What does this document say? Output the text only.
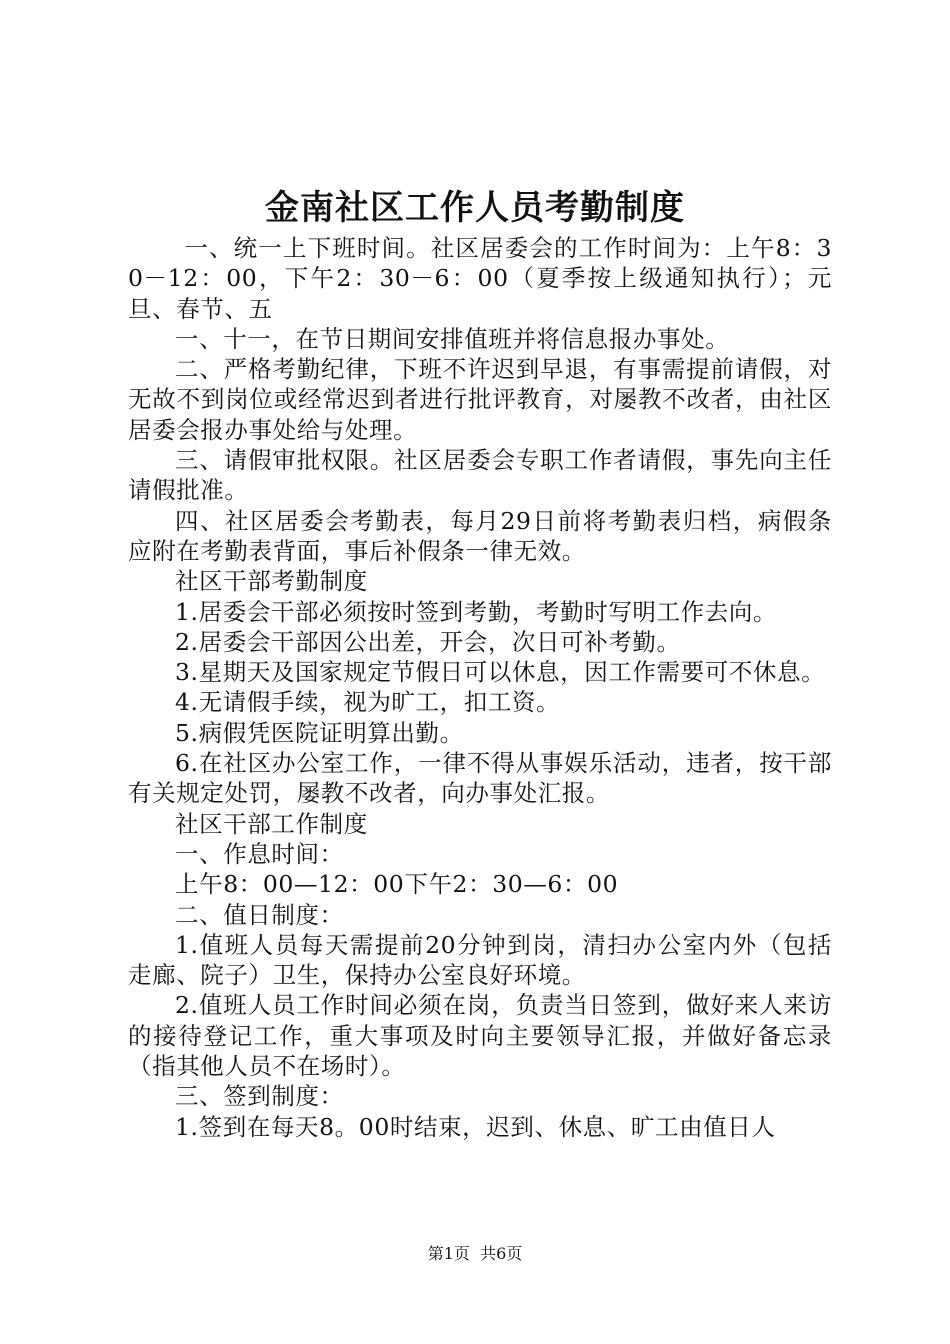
金南社区工作人员考勤制度

一、统一上下班时间。社区居委会的工作时间为：上午8：30－12：00，下午2：30－6：00（夏季按上级通知执行）；元旦、春节、五

一、十一，在节日期间安排值班并将信息报办事处。

二、严格考勤纪律，下班不许迟到早退，有事需提前请假，对无故不到岗位或经常迟到者进行批评教育，对屡教不改者，由社区居委会报办事处给与处理。

三、请假审批权限。社区居委会专职工作者请假，事先向主任请假批准。

四、社区居委会考勤表，每月29日前将考勤表归档，病假条应附在考勤表背面，事后补假条一律无效。

社区干部考勤制度

1.居委会干部必须按时签到考勤，考勤时写明工作去向。

2.居委会干部因公出差，开会，次日可补考勤。

3.星期天及国家规定节假日可以休息，因工作需要可不休息。

4.无请假手续，视为旷工，扣工资。

5.病假凭医院证明算出勤。

6.在社区办公室工作，一律不得从事娱乐活动，违者，按干部有关规定处罚，屡教不改者，向办事处汇报。

社区干部工作制度

一、作息时间：

上午8：00—12：00下午2：30—6：00

二、值日制度：

1.值班人员每天需提前20分钟到岗，清扫办公室内外（包括走廊、院子）卫生，保持办公室良好环境。

2.值班人员工作时间必须在岗，负责当日签到，做好来人来访的接待登记工作，重大事项及时向主要领导汇报，并做好备忘录（指其他人员不在场时）。

三、签到制度：

1.签到在每天8。00时结束，迟到、休息、旷工由值日人

第1页 共6页
